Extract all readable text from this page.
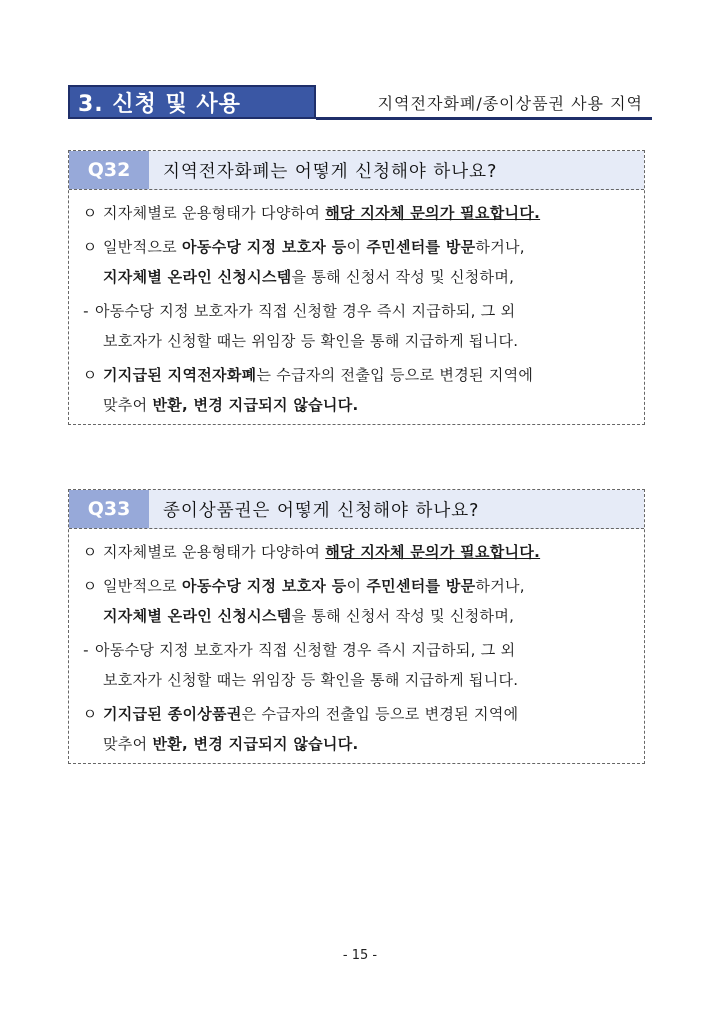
3. 신청 및 사용	지역전자화폐/종이상품권 사용 지역
Q32	지역전자화폐는 어떻게 신청해야 하나요?
ㅇ 지자체별로 운용형태가 다양하여 해당 지자체 문의가 필요합니다.
ㅇ 일반적으로 아동수당 지정 보호자 등이 주민센터를 방문하거나,
지자체별 온라인 신청시스템을 통해 신청서 작성 및 신청하며,
- 아동수당 지정 보호자가 직접 신청할 경우 즉시 지급하되, 그 외
보호자가 신청할 때는 위임장 등 확인을 통해 지급하게 됩니다.
ㅇ 기지급된 지역전자화폐는 수급자의 전출입 등으로 변경된 지역에
맞추어 반환, 변경 지급되지 않습니다.
Q33	종이상품권은 어떻게 신청해야 하나요?
ㅇ 지자체별로 운용형태가 다양하여 해당 지자체 문의가 필요합니다.
ㅇ 일반적으로 아동수당 지정 보호자 등이 주민센터를 방문하거나,
지자체별 온라인 신청시스템을 통해 신청서 작성 및 신청하며,
- 아동수당 지정 보호자가 직접 신청할 경우 즉시 지급하되, 그 외
보호자가 신청할 때는 위임장 등 확인을 통해 지급하게 됩니다.
ㅇ 기지급된 종이상품권은 수급자의 전출입 등으로 변경된 지역에
맞추어 반환, 변경 지급되지 않습니다.
- 15 -
